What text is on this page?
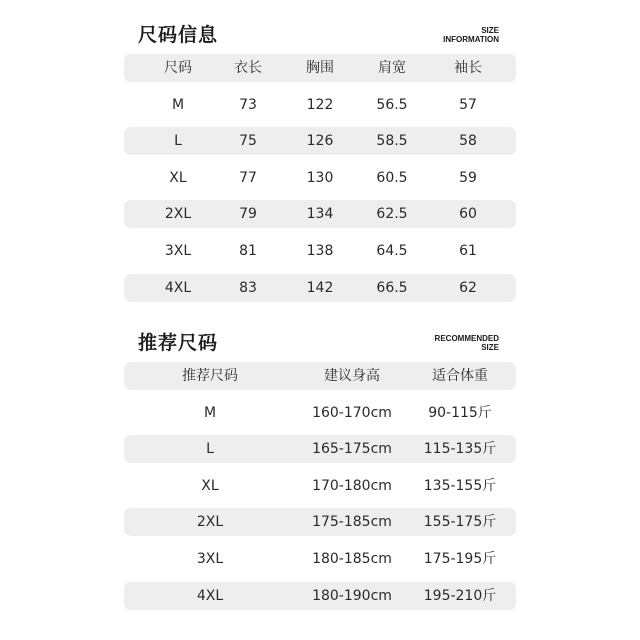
尺码信息	SIZE
INFORMATION
尺码	衣长	胸围	肩宽	袖长
M	73	122	56.5	57
L	75	126	58.5	58
XL	77	130	60.5	59
2XL	79	134	62.5	60
3XL	81	138	64.5	61
4XL	83	142	66.5	62
推荐尺码	RECOMMENDED
SIZE
推荐尺码	建议身高	适合体重
M	160-170cm	90-115斤
L	165-175cm	115-135斤
XL	170-180cm	135-155斤
2XL	175-185cm	155-175斤
3XL	180-185cm	175-195斤
4XL	180-190cm	195-210斤
